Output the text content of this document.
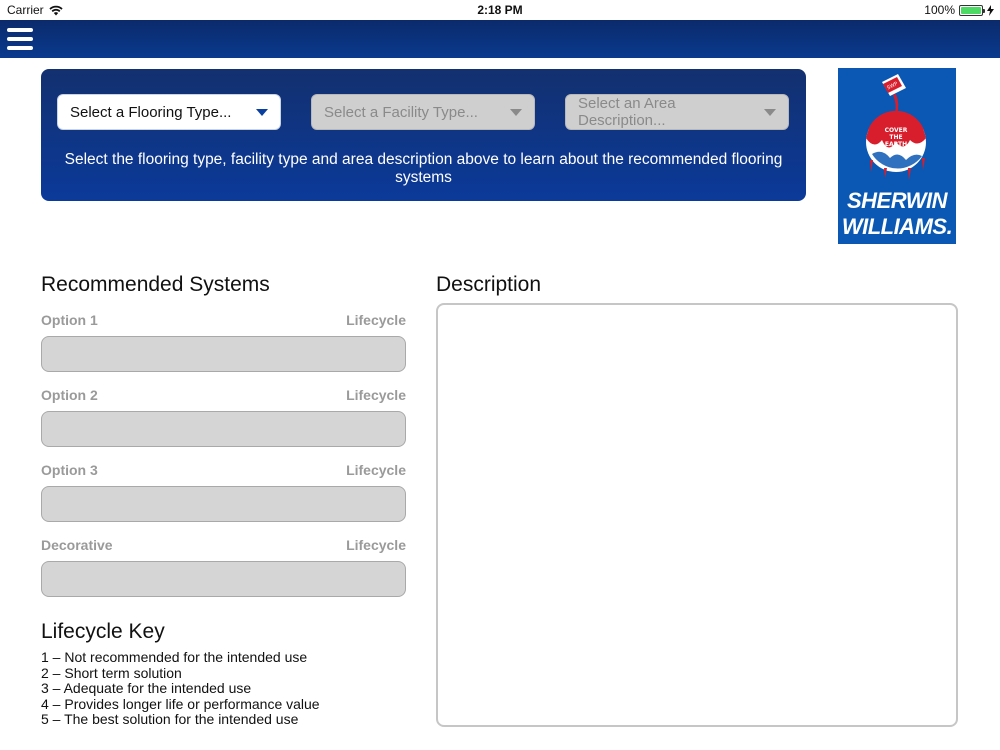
Carrier	2:18 PM	100%
Select a Flooring Type...	Select a Facility Type...	Select an Area Description...
Select the flooring type, facility type and area description above to learn about the recommended flooring systems
SWP
COVER
THE
EARTH
SHERWIN
WILLIAMS.
Recommended Systems
Option 1	Lifecycle
Option 2	Lifecycle
Option 3	Lifecycle
Decorative	Lifecycle
Lifecycle Key
1 – Not recommended for the intended use
2 – Short term solution
3 – Adequate for the intended use
4 – Provides longer life or performance value
5 – The best solution for the intended use
Description
